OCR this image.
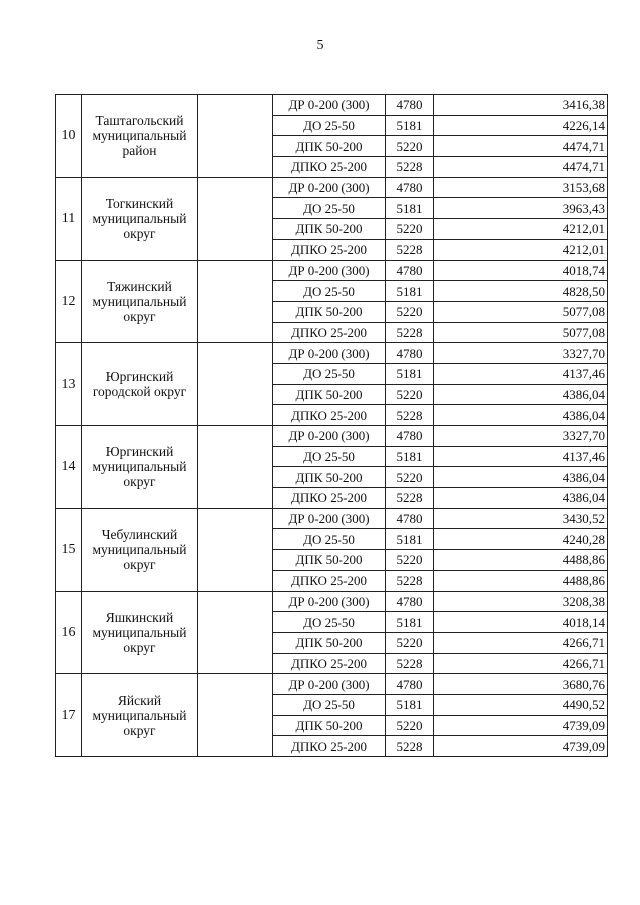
5
10	Таштагольский муниципальный район		ДР 0-200 (300)	4780	3416,38
			ДО 25-50	5181	4226,14
			ДПК 50-200	5220	4474,71
			ДПКО 25-200	5228	4474,71
11	Тогкинский муниципальный округ		ДР 0-200 (300)	4780	3153,68
			ДО 25-50	5181	3963,43
			ДПК 50-200	5220	4212,01
			ДПКО 25-200	5228	4212,01
12	Тяжинский муниципальный округ		ДР 0-200 (300)	4780	4018,74
			ДО 25-50	5181	4828,50
			ДПК 50-200	5220	5077,08
			ДПКО 25-200	5228	5077,08
13	Юргинский городской округ		ДР 0-200 (300)	4780	3327,70
			ДО 25-50	5181	4137,46
			ДПК 50-200	5220	4386,04
			ДПКО 25-200	5228	4386,04
14	Юргинский муниципальный округ		ДР 0-200 (300)	4780	3327,70
			ДО 25-50	5181	4137,46
			ДПК 50-200	5220	4386,04
			ДПКО 25-200	5228	4386,04
15	Чебулинский муниципальный округ		ДР 0-200 (300)	4780	3430,52
			ДО 25-50	5181	4240,28
			ДПК 50-200	5220	4488,86
			ДПКО 25-200	5228	4488,86
16	Яшкинский муниципальный округ		ДР 0-200 (300)	4780	3208,38
			ДО 25-50	5181	4018,14
			ДПК 50-200	5220	4266,71
			ДПКО 25-200	5228	4266,71
17	Яйский муниципальный округ		ДР 0-200 (300)	4780	3680,76
			ДО 25-50	5181	4490,52
			ДПК 50-200	5220	4739,09
			ДПКО 25-200	5228	4739,09
